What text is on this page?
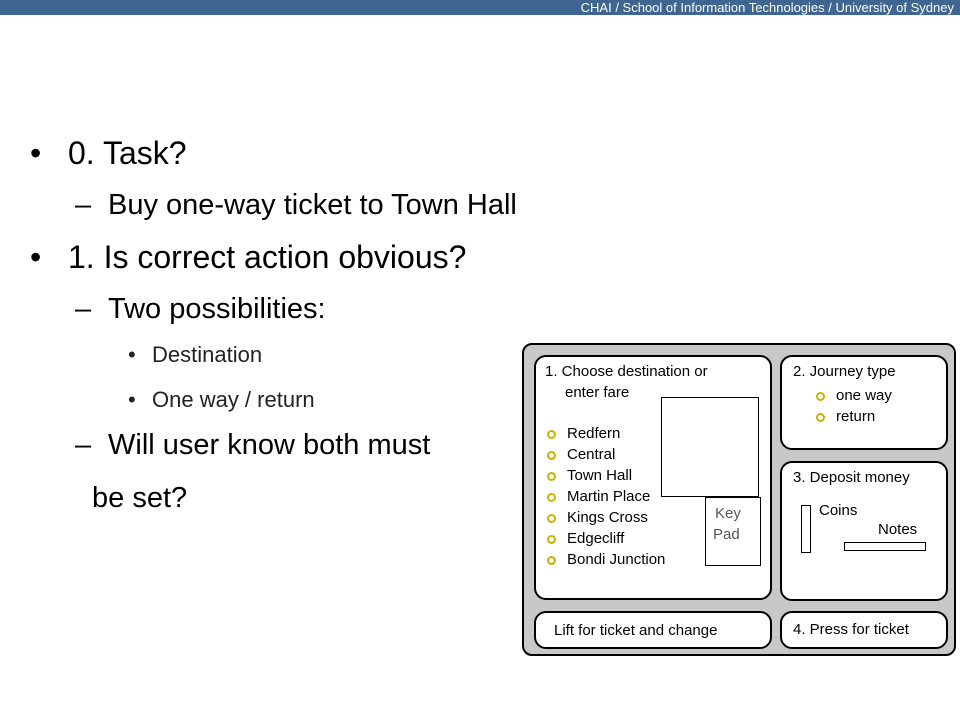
CHAI / School of Information Technologies / University of Sydney
• 0. Task?
– Buy one-way ticket to Town Hall
• 1. Is correct action obvious?
– Two possibilities:
• Destination
• One way / return
– Will user know both must
be set?
1. Choose destination or
enter fare
Redfern
Central
Town Hall
Martin Place
Kings Cross
Edgecliff
Bondi Junction
Key
Pad
2. Journey type
one way
return
3. Deposit money
Coins
Notes
Lift for ticket and change	4. Press for ticket
